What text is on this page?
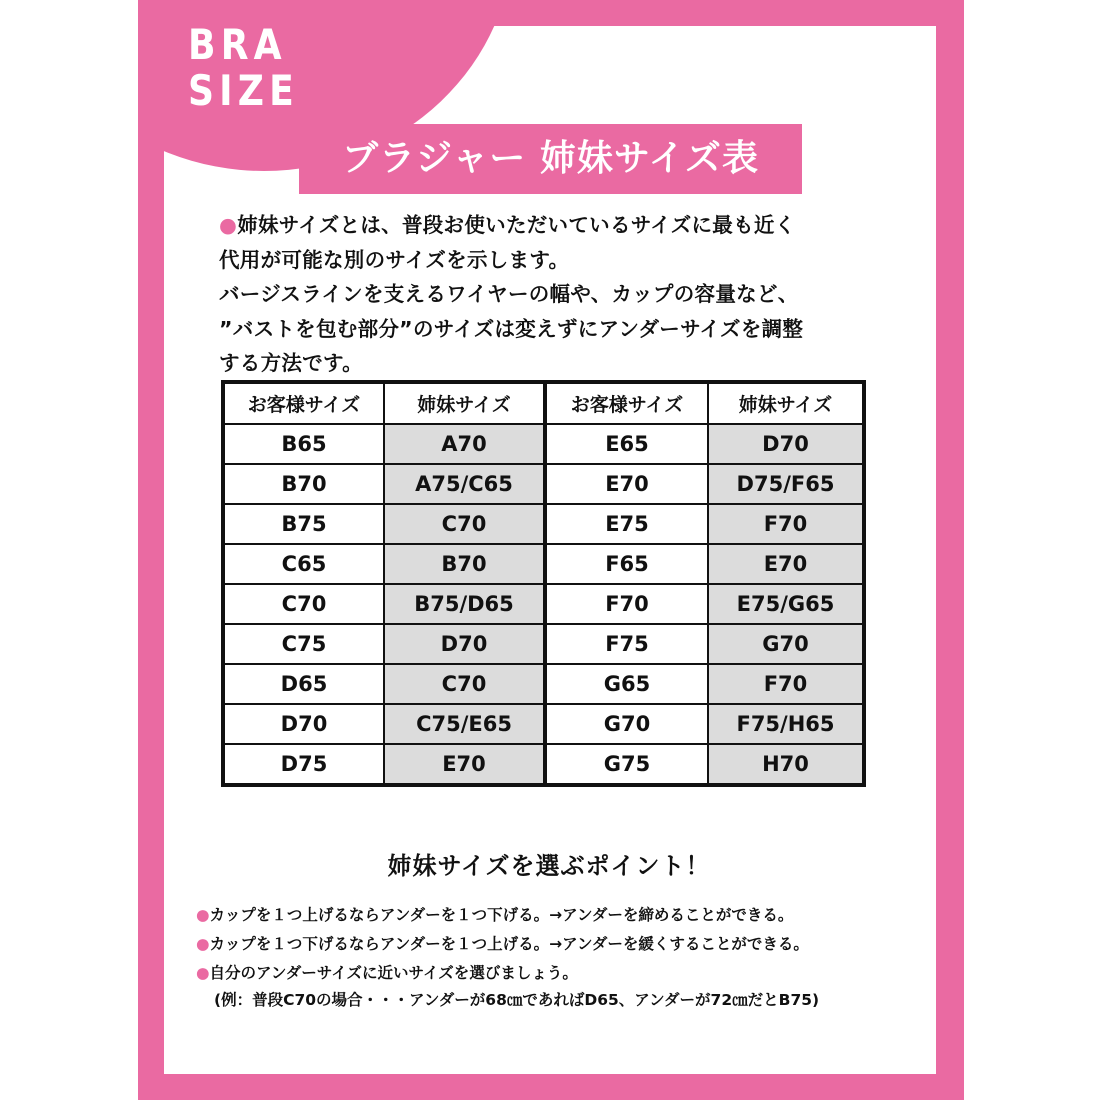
BRA
SIZE
ブラジャー 姉妹サイズ表
●姉妹サイズとは、普段お使いただいているサイズに最も近く
代用が可能な別のサイズを示します。
バージスラインを支えるワイヤーの幅や、カップの容量など、
”バストを包む部分”のサイズは変えずにアンダーサイズを調整
する方法です。
お客様サイズ	姉妹サイズ	お客様サイズ	姉妹サイズ
B65	A70	E65	D70
B70	A75/C65	E70	D75/F65
B75	C70	E75	F70
C65	B70	F65	E70
C70	B75/D65	F70	E75/G65
C75	D70	F75	G70
D65	C70	G65	F70
D70	C75/E65	G70	F75/H65
D75	E70	G75	H70
姉妹サイズを選ぶポイント！
●カップを１つ上げるならアンダーを１つ下げる。→アンダーを締めることができる。
●カップを１つ下げるならアンダーを１つ上げる。→アンダーを緩くすることができる。
●自分のアンダーサイズに近いサイズを選びましょう。
(例：普段C70の場合・・・アンダーが68㎝であればD65、アンダーが72㎝だとB75)
